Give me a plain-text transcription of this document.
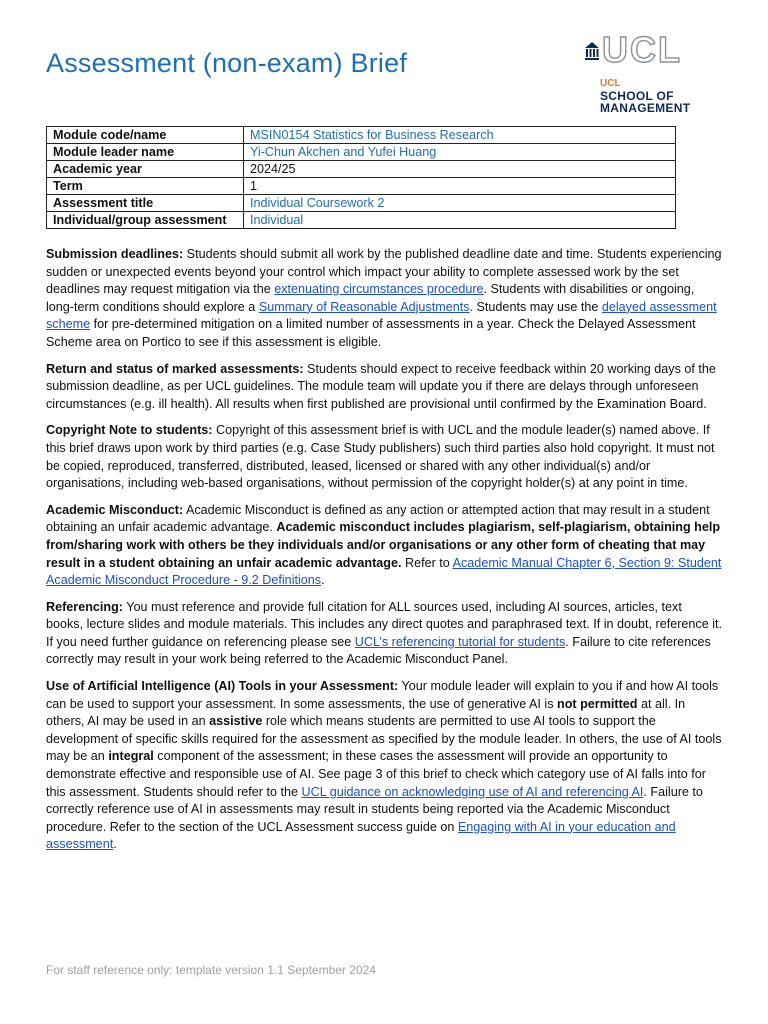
Assessment (non-exam) Brief	UCL
UCL
SCHOOL OF
MANAGEMENT
Module code/name	MSIN0154 Statistics for Business Research
Module leader name	Yi-Chun Akchen and Yufei Huang
Academic year	2024/25
Term	1
Assessment title	Individual Coursework 2
Individual/group assessment	Individual

Submission deadlines: Students should submit all work by the published deadline date and time. Students experiencing sudden or unexpected events beyond your control which impact your ability to complete assessed work by the set deadlines may request mitigation via the extenuating circumstances procedure. Students with disabilities or ongoing, long-term conditions should explore a Summary of Reasonable Adjustments. Students may use the delayed assessment scheme for pre-determined mitigation on a limited number of assessments in a year. Check the Delayed Assessment Scheme area on Portico to see if this assessment is eligible.

Return and status of marked assessments: Students should expect to receive feedback within 20 working days of the submission deadline, as per UCL guidelines. The module team will update you if there are delays through unforeseen circumstances (e.g. ill health). All results when first published are provisional until confirmed by the Examination Board.

Copyright Note to students: Copyright of this assessment brief is with UCL and the module leader(s) named above. If this brief draws upon work by third parties (e.g. Case Study publishers) such third parties also hold copyright. It must not be copied, reproduced, transferred, distributed, leased, licensed or shared with any other individual(s) and/or organisations, including web-based organisations, without permission of the copyright holder(s) at any point in time.

Academic Misconduct: Academic Misconduct is defined as any action or attempted action that may result in a student obtaining an unfair academic advantage. Academic misconduct includes plagiarism, self-plagiarism, obtaining help from/sharing work with others be they individuals and/or organisations or any other form of cheating that may result in a student obtaining an unfair academic advantage. Refer to Academic Manual Chapter 6, Section 9: Student Academic Misconduct Procedure - 9.2 Definitions.

Referencing: You must reference and provide full citation for ALL sources used, including AI sources, articles, text books, lecture slides and module materials. This includes any direct quotes and paraphrased text. If in doubt, reference it. If you need further guidance on referencing please see UCL’s referencing tutorial for students. Failure to cite references correctly may result in your work being referred to the Academic Misconduct Panel.

Use of Artificial Intelligence (AI) Tools in your Assessment: Your module leader will explain to you if and how AI tools can be used to support your assessment. In some assessments, the use of generative AI is not permitted at all. In others, AI may be used in an assistive role which means students are permitted to use AI tools to support the development of specific skills required for the assessment as specified by the module leader. In others, the use of AI tools may be an integral component of the assessment; in these cases the assessment will provide an opportunity to demonstrate effective and responsible use of AI. See page 3 of this brief to check which category use of AI falls into for this assessment. Students should refer to the UCL guidance on acknowledging use of AI and referencing AI. Failure to correctly reference use of AI in assessments may result in students being reported via the Academic Misconduct procedure. Refer to the section of the UCL Assessment success guide on Engaging with AI in your education and assessment.

For staff reference only: template version 1.1 September 2024
